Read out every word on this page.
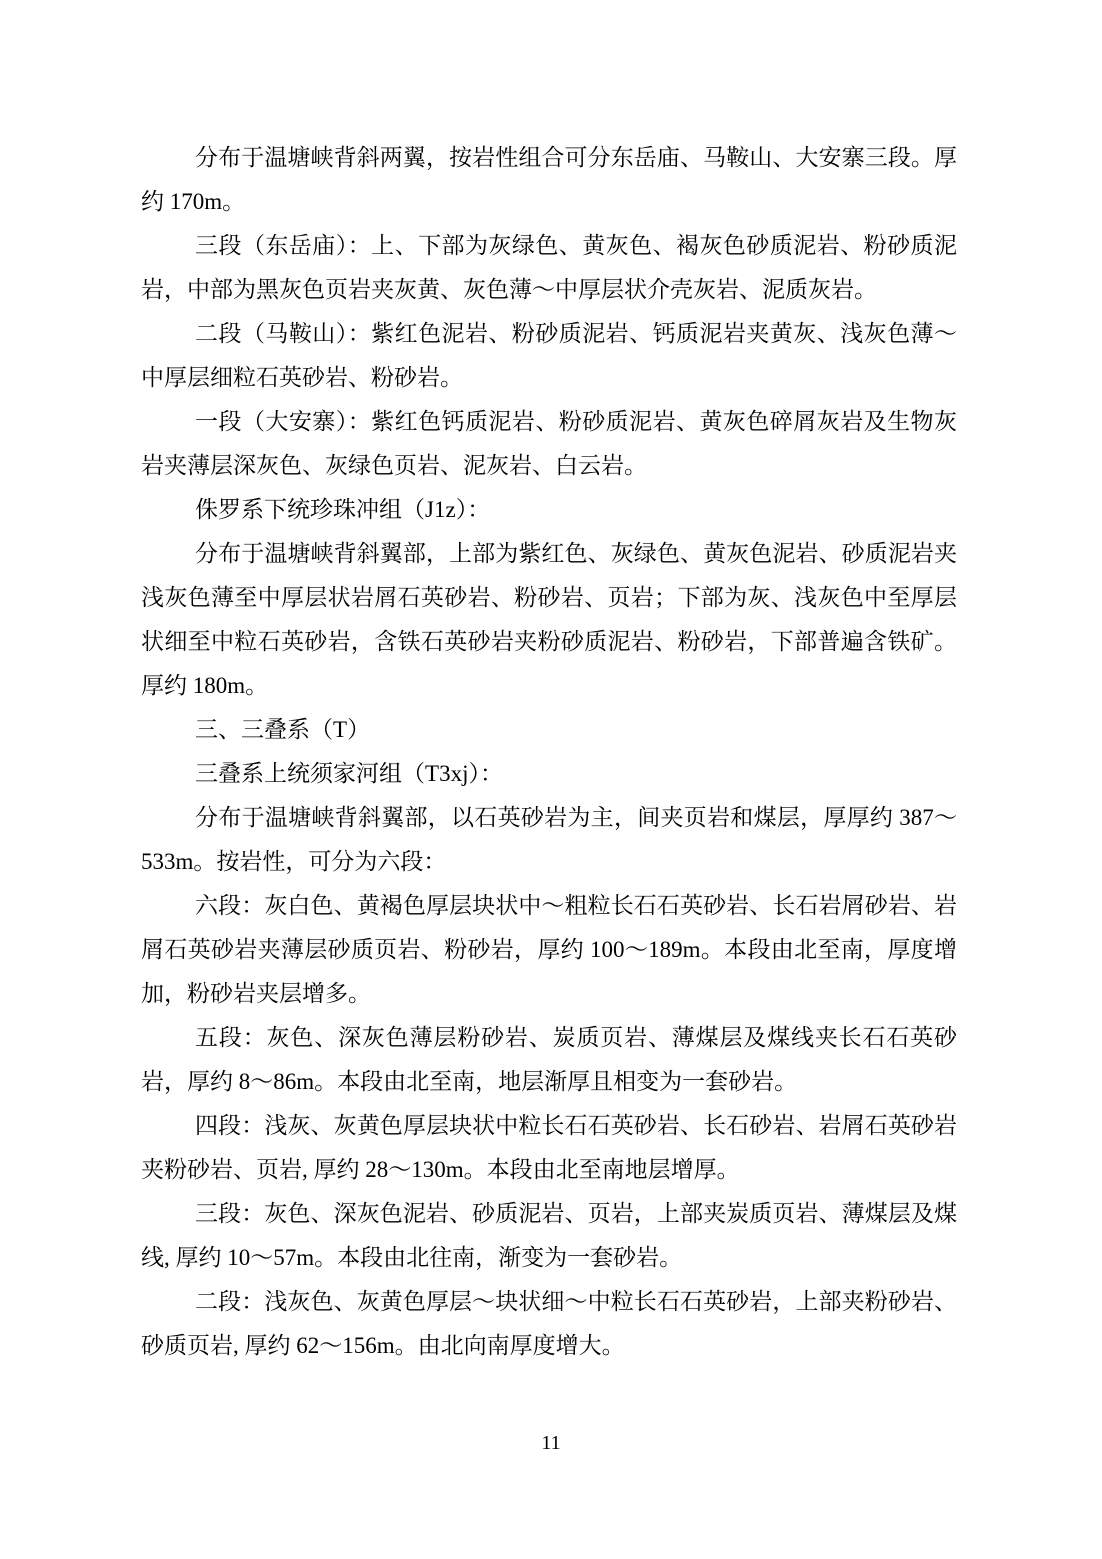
分布于温塘峡背斜两翼，按岩性组合可分东岳庙、马鞍山、大安寨三段。厚约 170m。

三段（东岳庙）：上、下部为灰绿色、黄灰色、褐灰色砂质泥岩、粉砂质泥岩，中部为黑灰色页岩夹灰黄、灰色薄～中厚层状介壳灰岩、泥质灰岩。

二段（马鞍山）：紫红色泥岩、粉砂质泥岩、钙质泥岩夹黄灰、浅灰色薄～中厚层细粒石英砂岩、粉砂岩。

一段（大安寨）：紫红色钙质泥岩、粉砂质泥岩、黄灰色碎屑灰岩及生物灰岩夹薄层深灰色、灰绿色页岩、泥灰岩、白云岩。

侏罗系下统珍珠冲组（J1z）：

分布于温塘峡背斜翼部，上部为紫红色、灰绿色、黄灰色泥岩、砂质泥岩夹浅灰色薄至中厚层状岩屑石英砂岩、粉砂岩、页岩；下部为灰、浅灰色中至厚层状细至中粒石英砂岩，含铁石英砂岩夹粉砂质泥岩、粉砂岩，下部普遍含铁矿。厚约 180m。

三、三叠系（T）

三叠系上统须家河组（T3xj）：

分布于温塘峡背斜翼部，以石英砂岩为主，间夹页岩和煤层，厚厚约 387～533m。按岩性，可分为六段：

六段：灰白色、黄褐色厚层块状中～粗粒长石石英砂岩、长石岩屑砂岩、岩屑石英砂岩夹薄层砂质页岩、粉砂岩，厚约 100～189m。本段由北至南，厚度增加，粉砂岩夹层增多。

五段：灰色、深灰色薄层粉砂岩、炭质页岩、薄煤层及煤线夹长石石英砂岩，厚约 8～86m。本段由北至南，地层渐厚且相变为一套砂岩。

四段：浅灰、灰黄色厚层块状中粒长石石英砂岩、长石砂岩、岩屑石英砂岩夹粉砂岩、页岩, 厚约 28～130m。本段由北至南地层增厚。

三段：灰色、深灰色泥岩、砂质泥岩、页岩，上部夹炭质页岩、薄煤层及煤线, 厚约 10～57m。本段由北往南，渐变为一套砂岩。

二段：浅灰色、灰黄色厚层～块状细～中粒长石石英砂岩，上部夹粉砂岩、砂质页岩, 厚约 62～156m。由北向南厚度增大。

11
